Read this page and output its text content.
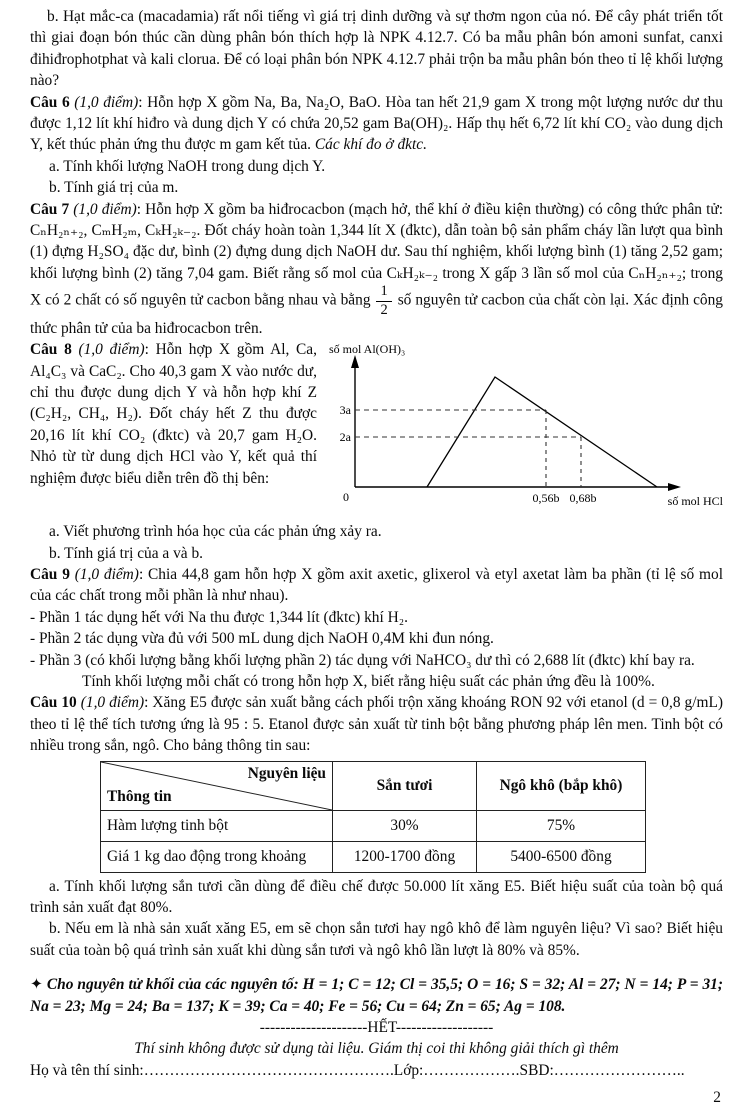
b. Hạt mắc-ca (macadamia) rất nổi tiếng vì giá trị dinh dưỡng và sự thơm ngon của nó. Để cây phát triển tốt thì giai đoạn bón thúc cần dùng phân bón thích hợp là NPK 4.12.7. Có ba mẫu phân bón amoni sunfat, canxi đihiđrophotphat và kali clorua. Để có loại phân bón NPK 4.12.7 phải trộn ba mẫu phân bón theo tỉ lệ khối lượng nào?

Câu 6 (1,0 điểm): Hỗn hợp X gồm Na, Ba, Na₂O, BaO. Hòa tan hết 21,9 gam X trong một lượng nước dư thu được 1,12 lít khí hiđro và dung dịch Y có chứa 20,52 gam Ba(OH)₂. Hấp thụ hết 6,72 lít khí CO₂ vào dung dịch Y, kết thúc phản ứng thu được m gam kết tủa. Các khí đo ở đktc.

a. Tính khối lượng NaOH trong dung dịch Y.

b. Tính giá trị của m.

Câu 7 (1,0 điểm): Hỗn hợp X gồm ba hiđrocacbon (mạch hở, thể khí ở điều kiện thường) có công thức phân tử: CₙH₂ₙ₊₂, CₘH₂ₘ, CₖH₂ₖ₋₂. Đốt cháy hoàn toàn 1,344 lít X (đktc), dẫn toàn bộ sản phẩm cháy lần lượt qua bình (1) đựng H₂SO₄ đặc dư, bình (2) đựng dung dịch NaOH dư. Sau thí nghiệm, khối lượng bình (1) tăng 2,52 gam; khối lượng bình (2) tăng 7,04 gam. Biết rằng số mol của CₖH₂ₖ₋₂ trong X gấp 3 lần số mol của CₙH₂ₙ₊₂; trong X có 2 chất có số nguyên tử cacbon bằng nhau và bằng $\frac{1}{2}$ số nguyên tử cacbon của chất còn lại. Xác định công thức phân tử của ba hiđrocacbon trên.

số mol Al(OH)₃
số mol HCl
3a
2a
0	0,56b 0,68b

Câu 8 (1,0 điểm): Hỗn hợp X gồm Al, Ca, Al₄C₃ và CaC₂. Cho 40,3 gam X vào nước dư, chỉ thu được dung dịch Y và hỗn hợp khí Z (C₂H₂, CH₄, H₂). Đốt cháy hết Z thu được 20,16 lít khí CO₂ (đktc) và 20,7 gam H₂O. Nhỏ từ từ dung dịch HCl vào Y, kết quả thí nghiệm được biểu diễn trên đồ thị bên:

a. Viết phương trình hóa học của các phản ứng xảy ra.

b. Tính giá trị của a và b.

Câu 9 (1,0 điểm): Chia 44,8 gam hỗn hợp X gồm axit axetic, glixerol và etyl axetat làm ba phần (tỉ lệ số mol của các chất trong mỗi phần là như nhau).

- Phần 1 tác dụng hết với Na thu được 1,344 lít (đktc) khí H₂.

- Phần 2 tác dụng vừa đủ với 500 mL dung dịch NaOH 0,4M khi đun nóng.

- Phần 3 (có khối lượng bằng khối lượng phần 2) tác dụng với NaHCO₃ dư thì có 2,688 lít (đktc) khí bay ra.

Tính khối lượng mỗi chất có trong hỗn hợp X, biết rằng hiệu suất các phản ứng đều là 100%.

Câu 10 (1,0 điểm): Xăng E5 được sản xuất bằng cách phối trộn xăng khoáng RON 92 với etanol (d = 0,8 g/mL) theo tỉ lệ thể tích tương ứng là 95 : 5. Etanol được sản xuất từ tinh bột bằng phương pháp lên men. Tinh bột có nhiều trong sắn, ngô. Cho bảng thông tin sau:

Nguyên liệu
Thông tin	Sắn tươi	Ngô khô (bắp khô)
Hàm lượng tinh bột	30%	75%
Giá 1 kg dao động trong khoảng	1200-1700 đồng	5400-6500 đồng

a. Tính khối lượng sắn tươi cần dùng để điều chế được 50.000 lít xăng E5. Biết hiệu suất của toàn bộ quá trình sản xuất đạt 80%.

b. Nếu em là nhà sản xuất xăng E5, em sẽ chọn sắn tươi hay ngô khô để làm nguyên liệu? Vì sao? Biết hiệu suất của toàn bộ quá trình sản xuất khi dùng sắn tươi và ngô khô lần lượt là 80% và 85%.

✦ Cho nguyên tử khối của các nguyên tố: H = 1; C = 12; Cl = 35,5; O = 16; S = 32; Al = 27; N = 14; P = 31; Na = 23; Mg = 24; Ba = 137; K = 39; Ca = 40; Fe = 56; Cu = 64; Zn = 65; Ag = 108.

---------------------HẾT-------------------

Thí sinh không được sử dụng tài liệu. Giám thị coi thi không giải thích gì thêm

Họ và tên thí sinh:………………………………………….Lớp:……………….SBD:……………………..

2
